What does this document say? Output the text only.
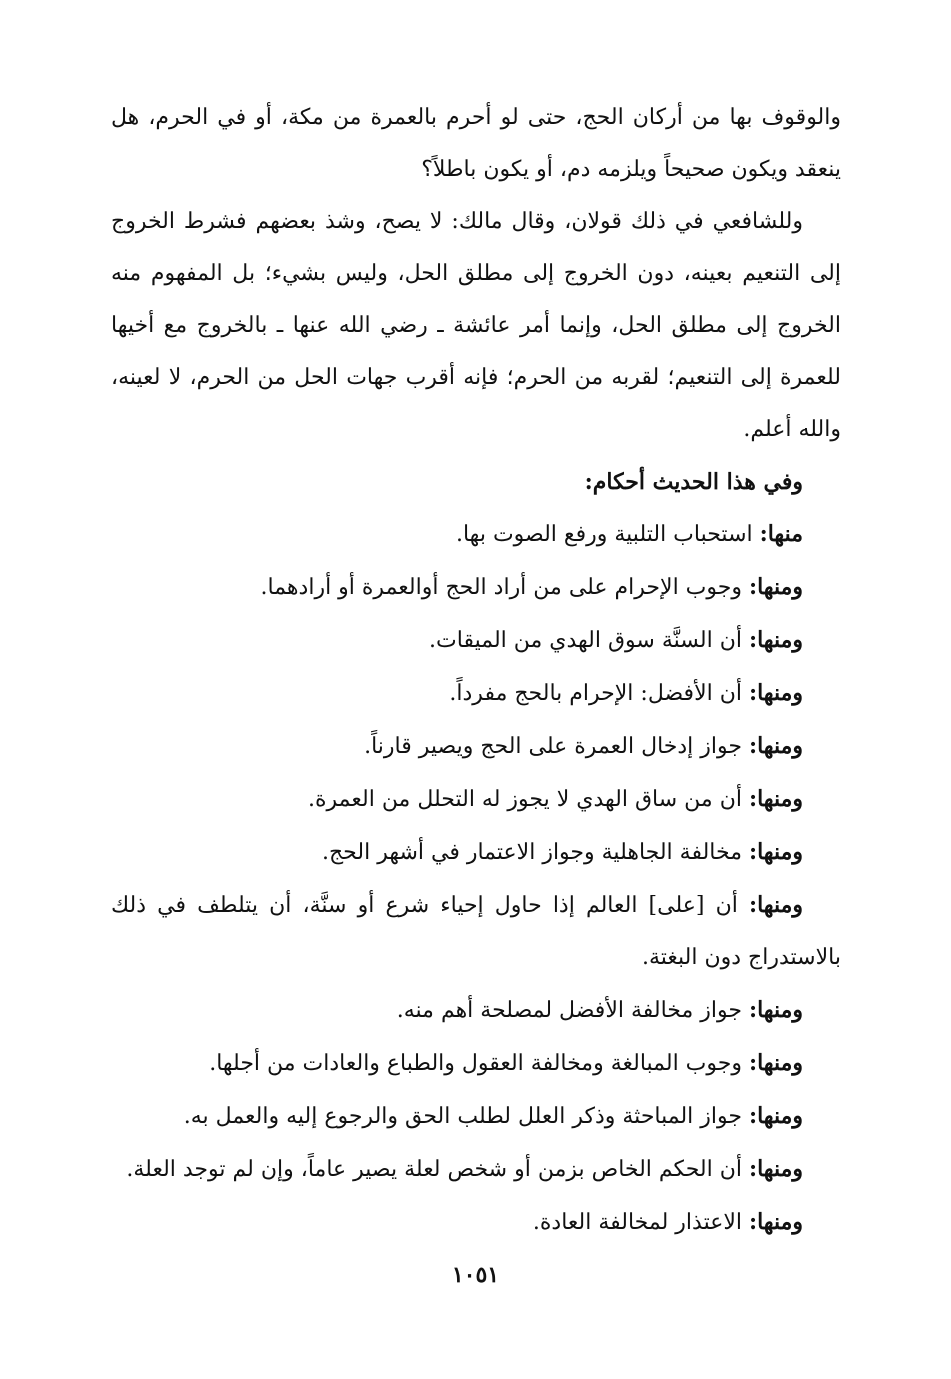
والوقوف بها من أركان الحج، حتى لو أحرم بالعمرة من مكة، أو في الحرم، هل ينعقد ويكون صحيحاً ويلزمه دم، أو يكون باطلاً؟

وللشافعي في ذلك قولان، وقال مالك: لا يصح، وشذ بعضهم فشرط الخروج إلى التنعيم بعينه، دون الخروج إلى مطلق الحل، وليس بشيء؛ بل المفهوم منه الخروج إلى مطلق الحل، وإنما أمر عائشة ـ رضي الله عنها ـ بالخروج مع أخيها للعمرة إلى التنعيم؛ لقربه من الحرم؛ فإنه أقرب جهات الحل من الحرم، لا لعينه، والله أعلم.

وفي هذا الحديث أحكام:

منها: استحباب التلبية ورفع الصوت بها.

ومنها: وجوب الإحرام على من أراد الحج أوالعمرة أو أرادهما.

ومنها: أن السنَّة سوق الهدي من الميقات.

ومنها: أن الأفضل: الإحرام بالحج مفرداً.

ومنها: جواز إدخال العمرة على الحج ويصير قارناً.

ومنها: أن من ساق الهدي لا يجوز له التحلل من العمرة.

ومنها: مخالفة الجاهلية وجواز الاعتمار في أشهر الحج.

ومنها: أن [على] العالم إذا حاول إحياء شرع أو سنَّة، أن يتلطف في ذلك بالاستدراج دون البغتة.

ومنها: جواز مخالفة الأفضل لمصلحة أهم منه.

ومنها: وجوب المبالغة ومخالفة العقول والطباع والعادات من أجلها.

ومنها: جواز المباحثة وذكر العلل لطلب الحق والرجوع إليه والعمل به.

ومنها: أن الحكم الخاص بزمن أو شخص لعلة يصير عاماً، وإن لم توجد العلة.

ومنها: الاعتذار لمخالفة العادة.

١٠٥١
